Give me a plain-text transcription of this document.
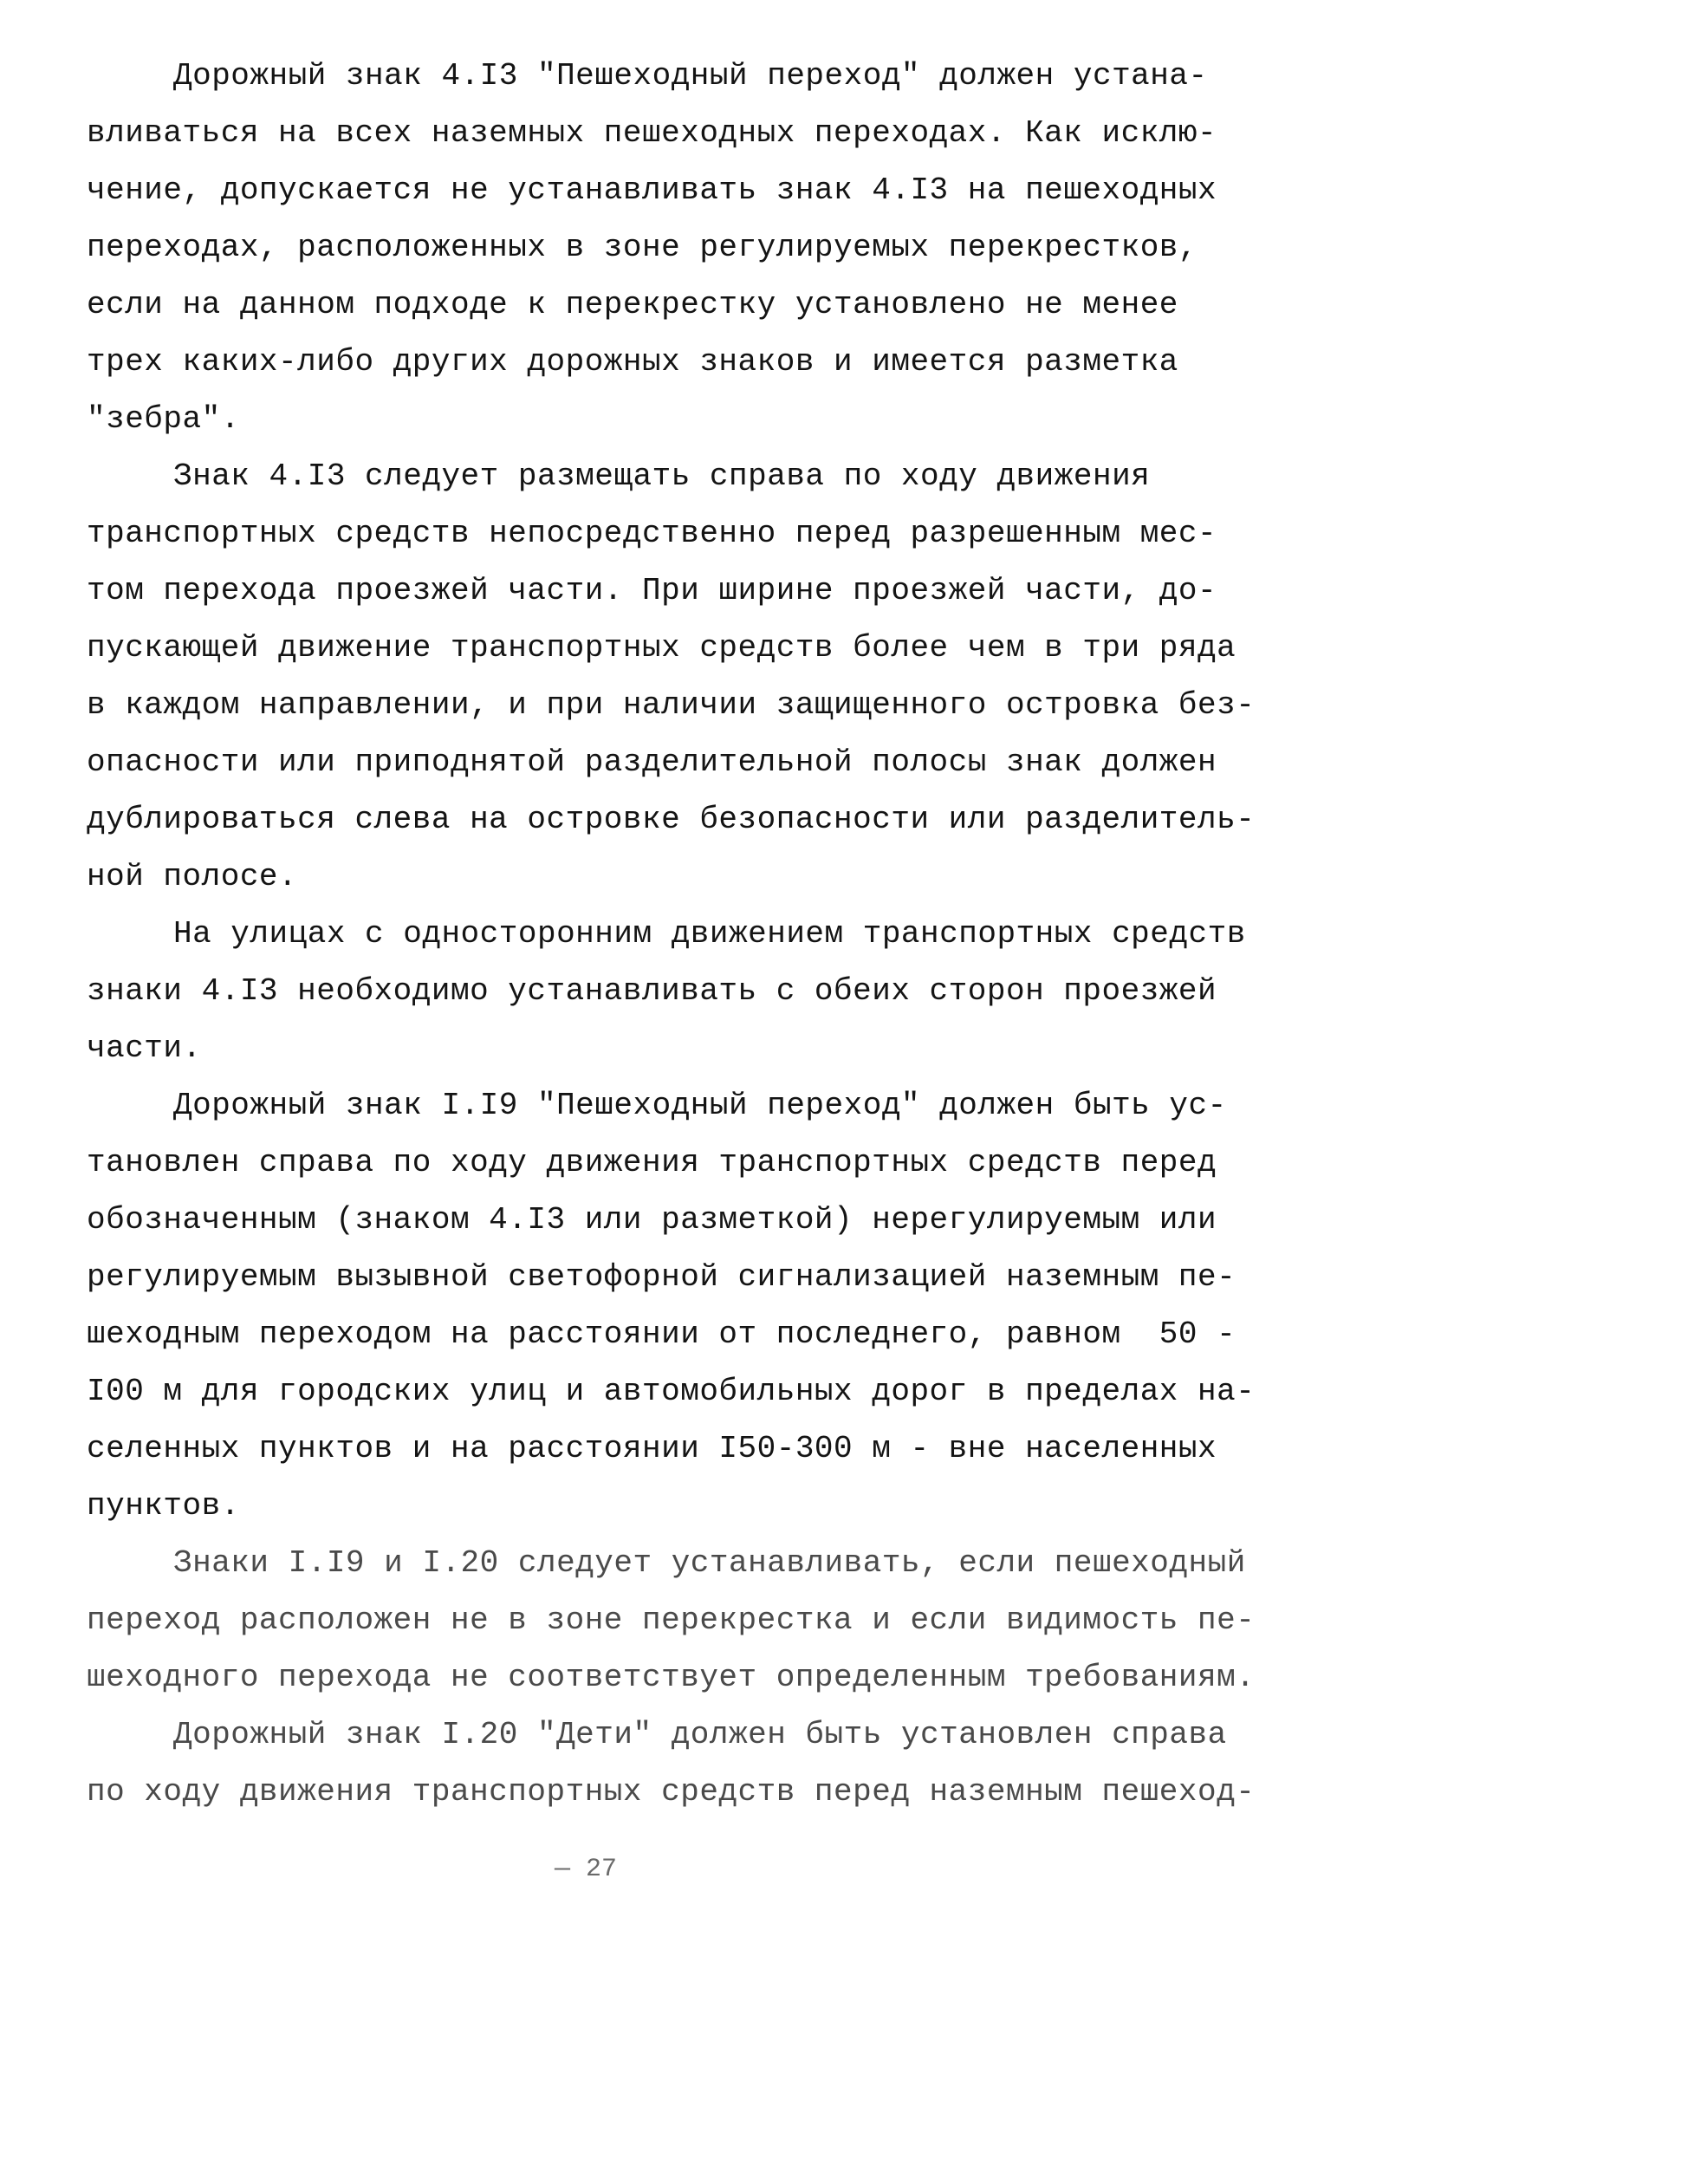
Дорожный знак 4.I3 "Пешеходный переход" должен устана-
вливаться на всех наземных пешеходных переходах. Как исклю-
чение, допускается не устанавливать знак 4.I3 на пешеходных
переходах, расположенных в зоне регулируемых перекрестков,
если на данном подходе к перекрестку установлено не менее
трех каких-либо других дорожных знаков и имеется разметка
"зебра".
Знак 4.I3 следует размещать справа по ходу движения
транспортных средств непосредственно перед разрешенным мес-
том перехода проезжей части. При ширине проезжей части, до-
пускающей движение транспортных средств более чем в три ряда
в каждом направлении, и при наличии защищенного островка без-
опасности или приподнятой разделительной полосы знак должен
дублироваться слева на островке безопасности или разделитель-
ной полосе.
На улицах с односторонним движением транспортных средств
знаки 4.I3 необходимо устанавливать с обеих сторон проезжей
части.
Дорожный знак I.I9 "Пешеходный переход" должен быть ус-
тановлен справа по ходу движения транспортных средств перед
обозначенным (знаком 4.I3 или разметкой) нерегулируемым или
регулируемым вызывной светофорной сигнализацией наземным пе-
шеходным переходом на расстоянии от последнего, равном  50 -
I00 м для городских улиц и автомобильных дорог в пределах на-
селенных пунктов и на расстоянии I50-300 м - вне населенных
пунктов.
Знаки I.I9 и I.20 следует устанавливать, если пешеходный
переход расположен не в зоне перекрестка и если видимость пе-
шеходного перехода не соответствует определенным требованиям.
Дорожный знак I.20 "Дети" должен быть установлен справа
по ходу движения транспортных средств перед наземным пешеход-
— 27
